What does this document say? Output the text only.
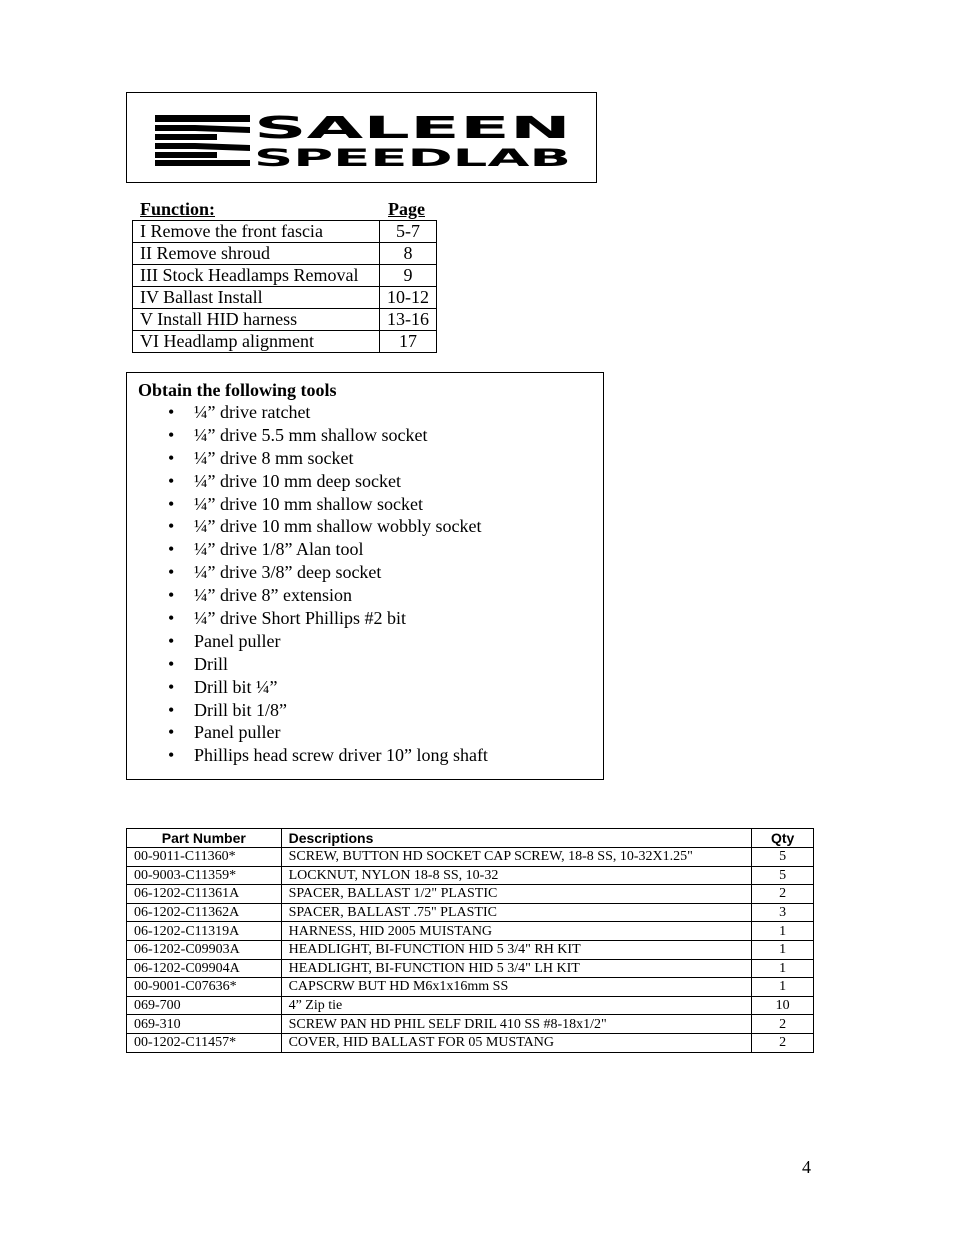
SALEEN
SPEEDLAB
Function:	Page
I Remove the front fascia	5-7
II Remove shroud	8
III Stock Headlamps Removal	9
IV Ballast Install	10-12
V Install HID harness	13-16
VI Headlamp alignment	17
Obtain the following tools
• ¼” drive ratchet
• ¼” drive 5.5 mm shallow socket
• ¼” drive 8 mm socket
• ¼” drive 10 mm deep socket
• ¼” drive 10 mm shallow socket
• ¼” drive 10 mm shallow wobbly socket
• ¼” drive 1/8” Alan tool
• ¼” drive 3/8” deep socket
• ¼” drive 8” extension
• ¼” drive Short Phillips #2 bit
• Panel puller
• Drill
• Drill bit ¼”
• Drill bit 1/8”
• Panel puller
• Phillips head screw driver 10” long shaft
Part Number	Descriptions	Qty
00-9011-C11360*	SCREW, BUTTON HD SOCKET CAP SCREW, 18-8 SS, 10-32X1.25"	5
00-9003-C11359*	LOCKNUT, NYLON 18-8 SS, 10-32	5
06-1202-C11361A	SPACER, BALLAST 1/2" PLASTIC	2
06-1202-C11362A	SPACER, BALLAST .75" PLASTIC	3
06-1202-C11319A	HARNESS, HID 2005 MUISTANG	1
06-1202-C09903A	HEADLIGHT, BI-FUNCTION HID 5 3/4" RH KIT	1
06-1202-C09904A	HEADLIGHT, BI-FUNCTION HID 5 3/4" LH KIT	1
00-9001-C07636*	CAPSCRW BUT HD M6x1x16mm SS	1
069-700	4” Zip tie	10
069-310	SCREW PAN HD PHIL SELF DRIL 410 SS #8-18x1/2"	2
00-1202-C11457*	COVER, HID BALLAST FOR 05 MUSTANG	2
4
